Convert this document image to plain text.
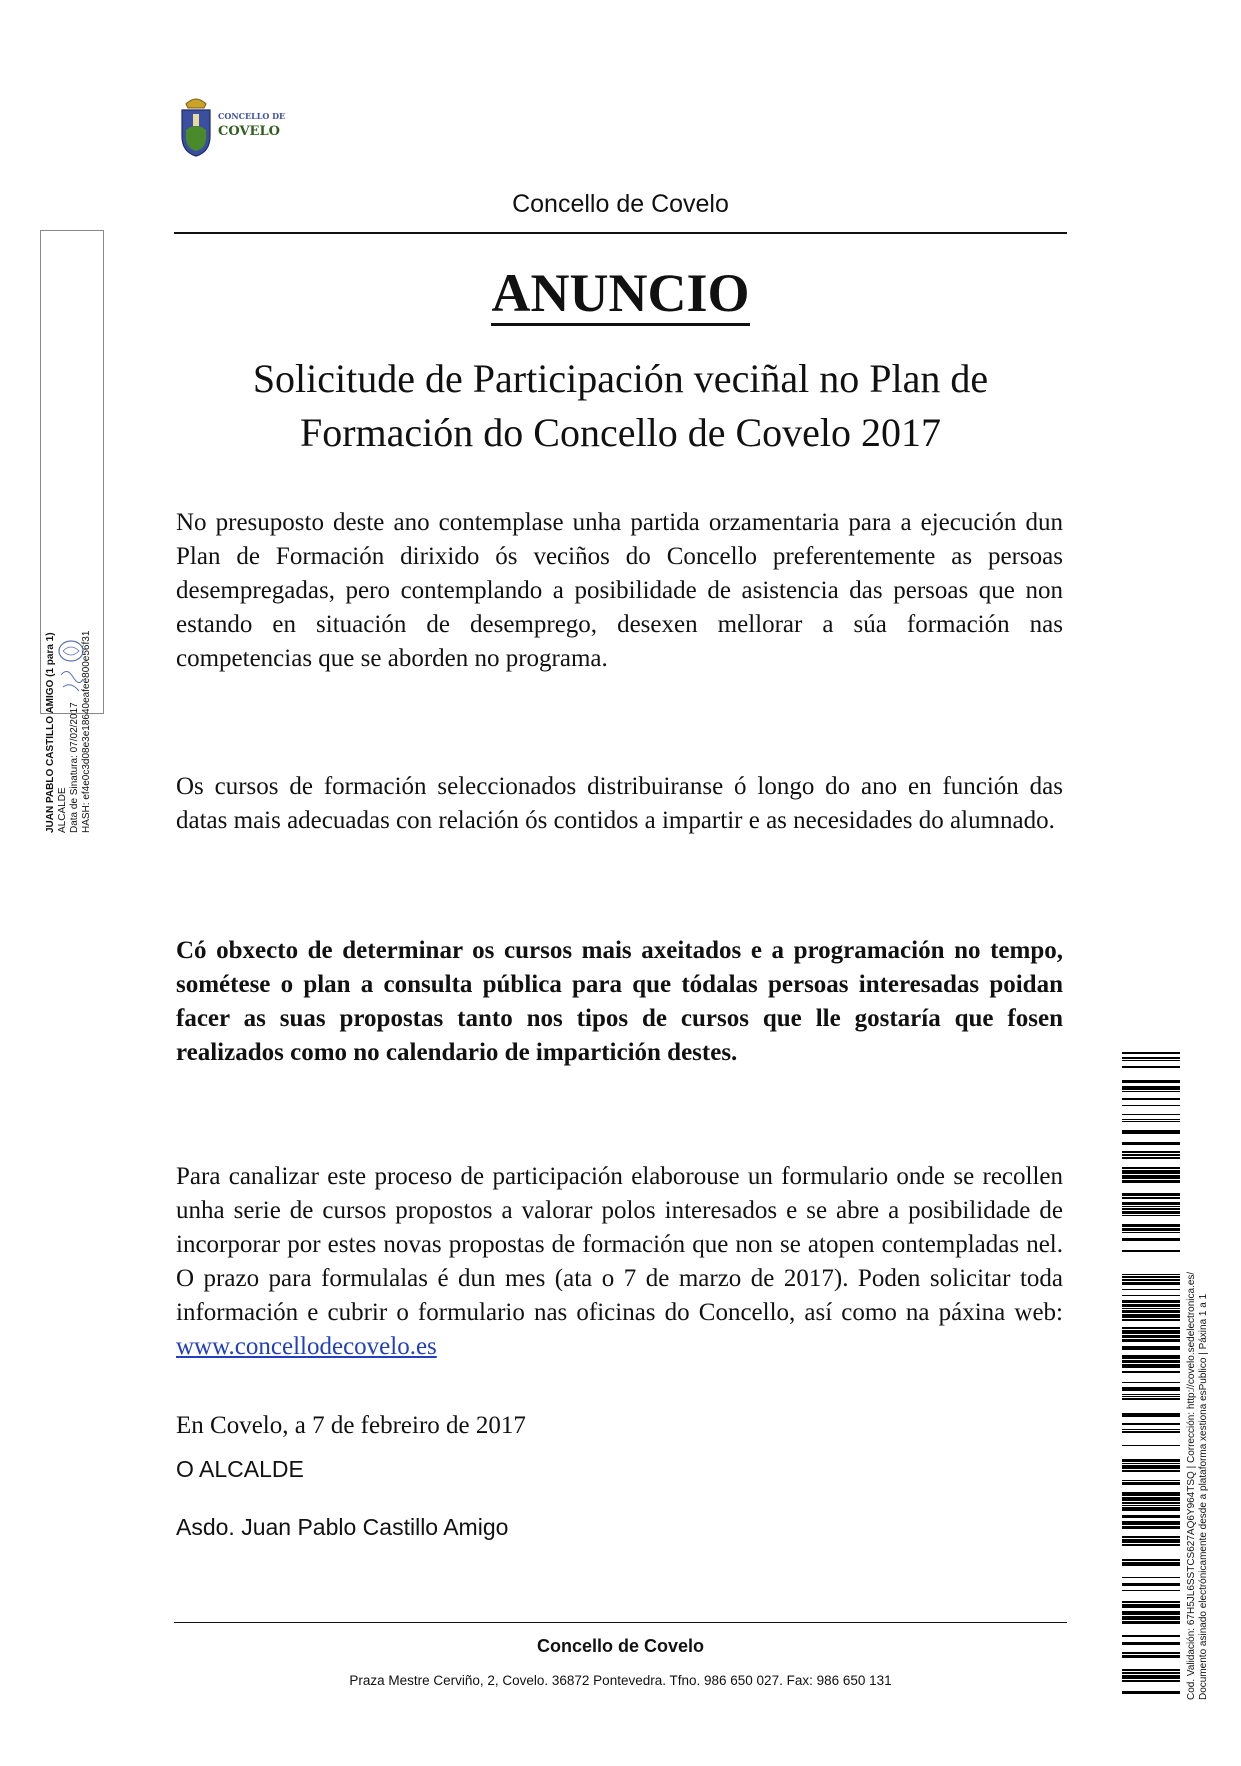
CONCELLO DE
COVELO
Concello de Covelo
ANUNCIO
Solicitude de Participación veciñal no Plan de
Formación do Concello de Covelo 2017
No presuposto deste ano contemplase unha partida orzamentaria para a ejecución dun Plan de Formación dirixido ós veciños do Concello preferentemente as persoas desempregadas, pero contemplando a posibilidade de asistencia das persoas que non estando en situación de desemprego, desexen mellorar a súa formación nas competencias que se aborden no programa.
Os cursos de formación seleccionados distribuiranse ó longo do ano en función das datas mais adecuadas con relación ós contidos a impartir e as necesidades do alumnado.
Có obxecto de determinar os cursos mais axeitados e a programación no tempo, sométese o plan a consulta pública para que tódalas persoas interesadas poidan facer as suas propostas tanto nos tipos de cursos que lle gostaría que fosen realizados como no calendario de impartición destes.
Para canalizar este proceso de participación elaborouse un formulario onde se recollen unha serie de cursos propostos a valorar polos interesados e se abre a posibilidade de incorporar por estes novas propostas de formación que non se atopen contempladas nel. O prazo para formulalas é dun mes (ata o 7 de marzo de 2017). Poden solicitar toda información e cubrir o formulario nas oficinas do Concello, así como na páxina web: www.concellodecovelo.es
En Covelo, a 7 de febreiro de 2017
O ALCALDE
Asdo. Juan Pablo Castillo Amigo
Concello de Covelo
Praza Mestre Cerviño, 2, Covelo. 36872 Pontevedra. Tfno. 986 650 027. Fax: 986 650 131
JUAN PABLO CASTILLO AMIGO (1 para 1) ALCALDE Data de Sinatura: 07/02/2017 HASH: ef4e0c3d08e3e18640eafee800e56f31
Cod. Validación: 67H5JL6SSTCS627AQ6Y964TSQ | Corrección: http://covelo.sedelectronica.es/ Documento asinado electrónicamente desde a plataforma xestiona esPublico | Páxina 1 a 1
